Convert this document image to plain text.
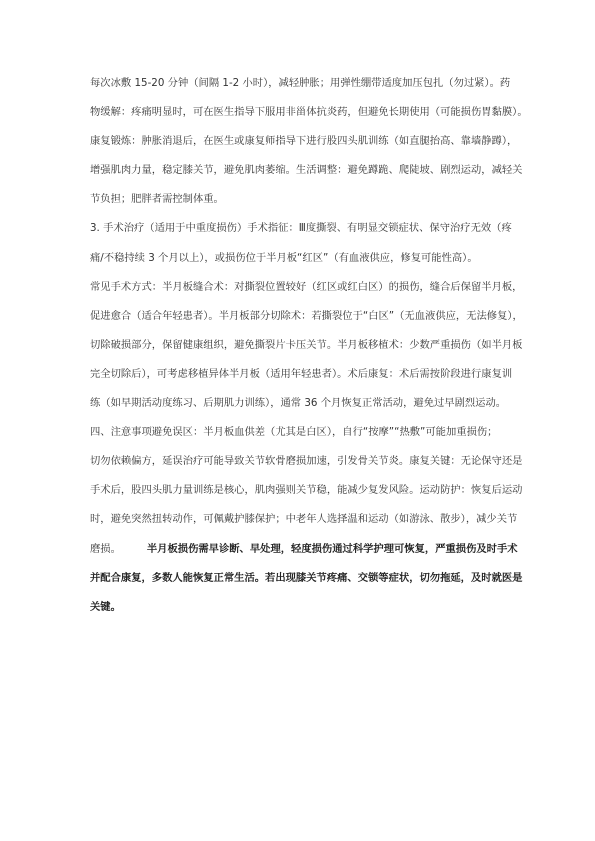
每次冰敷 15-20 分钟（间隔 1-2 小时），减轻肿胀；用弹性绷带适度加压包扎（勿过紧）。药
物缓解：疼痛明显时，可在医生指导下服用非甾体抗炎药，但避免长期使用（可能损伤胃黏膜）。
康复锻炼：肿胀消退后，在医生或康复师指导下进行股四头肌训练（如直腿抬高、靠墙静蹲），
增强肌肉力量，稳定膝关节，避免肌肉萎缩。生活调整：避免蹲跪、爬陡坡、剧烈运动，减轻关
节负担；肥胖者需控制体重。
3. 手术治疗（适用于中重度损伤）手术指征：Ⅲ度撕裂、有明显交锁症状、保守治疗无效（疼
痛/不稳持续 3 个月以上），或损伤位于半月板“红区”（有血液供应，修复可能性高）。
常见手术方式：半月板缝合术：对撕裂位置较好（红区或红白区）的损伤，缝合后保留半月板，
促进愈合（适合年轻患者）。半月板部分切除术：若撕裂位于“白区”（无血液供应，无法修复），
切除破损部分，保留健康组织，避免撕裂片卡压关节。半月板移植术：少数严重损伤（如半月板
完全切除后），可考虑移植异体半月板（适用年轻患者）。术后康复：术后需按阶段进行康复训
练（如早期活动度练习、后期肌力训练），通常 36 个月恢复正常活动，避免过早剧烈运动。
四、注意事项避免误区：半月板血供差（尤其是白区），自行“按摩”“热敷”可能加重损伤；
切勿依赖偏方，延误治疗可能导致关节软骨磨损加速，引发骨关节炎。康复关键：无论保守还是
手术后，股四头肌力量训练是核心，肌肉强则关节稳，能减少复发风险。运动防护：恢复后运动
时，避免突然扭转动作，可佩戴护膝保护；中老年人选择温和运动（如游泳、散步），减少关节
磨损。	半月板损伤需早诊断、早处理，轻度损伤通过科学护理可恢复，严重损伤及时手术
并配合康复，多数人能恢复正常生活。若出现膝关节疼痛、交锁等症状，切勿拖延，及时就医是
关键。
